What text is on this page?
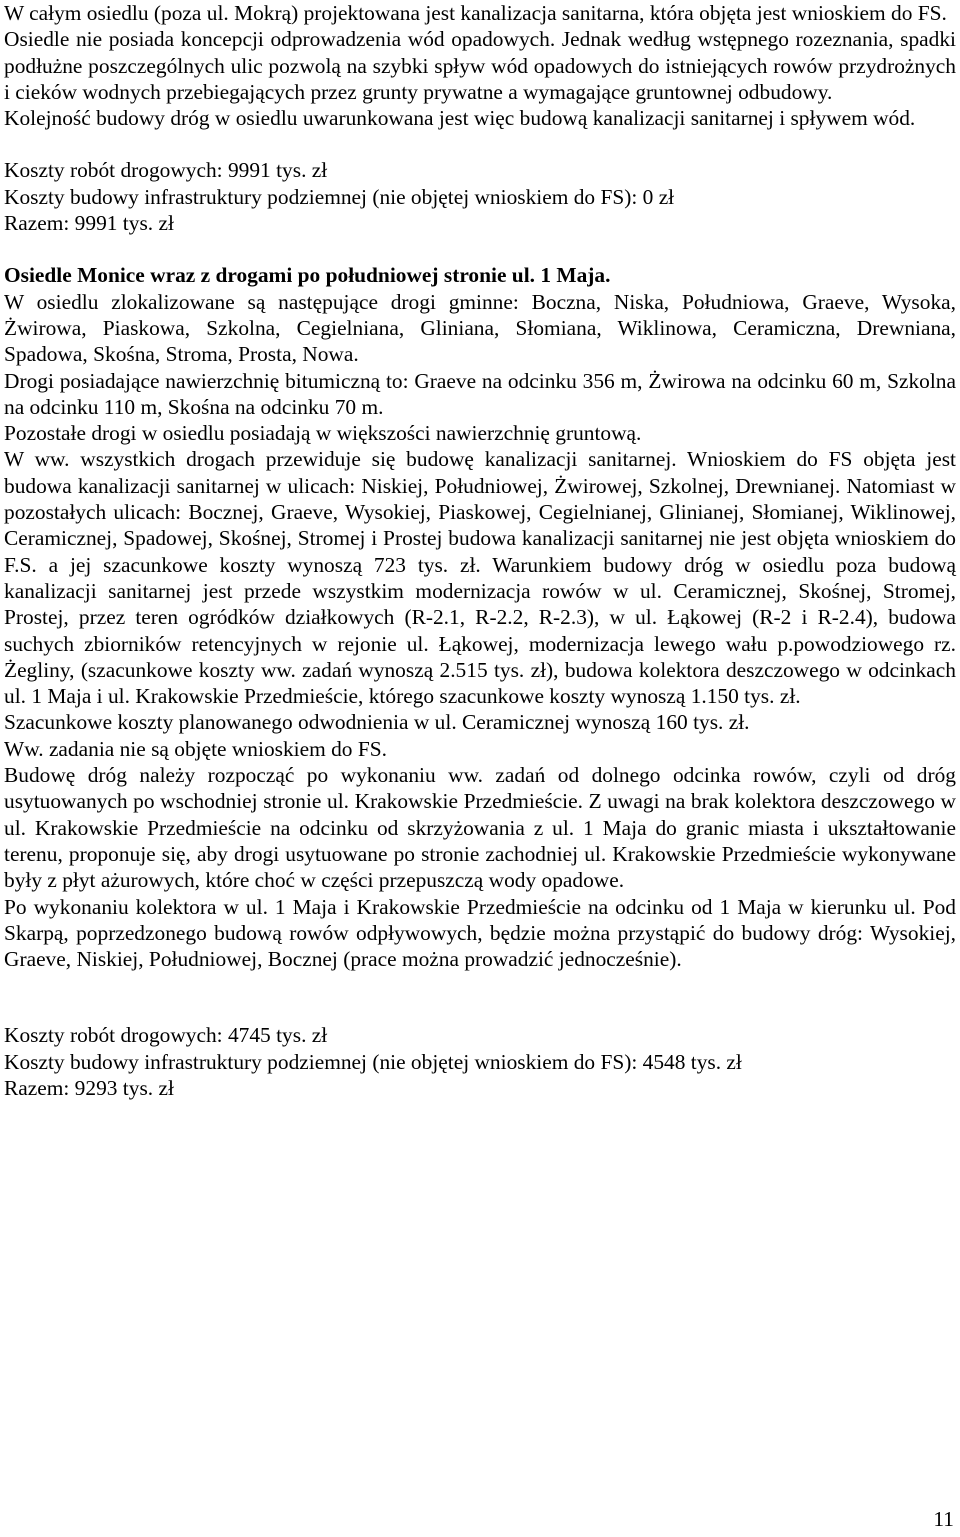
W całym osiedlu (poza ul. Mokrą) projektowana jest kanalizacja sanitarna, która objęta jest wnioskiem do FS.

Osiedle nie posiada koncepcji odprowadzenia wód opadowych. Jednak według wstępnego rozeznania, spadki podłużne poszczególnych ulic pozwolą na szybki spływ wód opadowych do istniejących rowów przydrożnych i cieków wodnych przebiegających przez grunty prywatne a wymagające gruntownej odbudowy.

Kolejność budowy dróg w osiedlu uwarunkowana jest więc budową kanalizacji sanitarnej i spływem wód.

Koszty robót drogowych: 9991 tys. zł

Koszty budowy infrastruktury podziemnej (nie objętej wnioskiem do FS): 0 zł

Razem: 9991 tys. zł

Osiedle Monice wraz z drogami po południowej stronie ul. 1 Maja.

W osiedlu zlokalizowane są następujące drogi gminne: Boczna, Niska, Południowa, Graeve, Wysoka, Żwirowa, Piaskowa, Szkolna, Cegielniana, Gliniana, Słomiana, Wiklinowa, Ceramiczna, Drewniana, Spadowa, Skośna, Stroma, Prosta, Nowa.

Drogi posiadające nawierzchnię bitumiczną to: Graeve na odcinku 356 m, Żwirowa na odcinku 60 m, Szkolna na odcinku 110 m, Skośna na odcinku 70 m.

Pozostałe drogi w osiedlu posiadają w większości nawierzchnię gruntową.

W ww. wszystkich drogach przewiduje się budowę kanalizacji sanitarnej. Wnioskiem do FS objęta jest budowa kanalizacji sanitarnej w ulicach: Niskiej, Południowej, Żwirowej, Szkolnej, Drewnianej. Natomiast w pozostałych ulicach: Bocznej, Graeve, Wysokiej, Piaskowej, Cegielnianej, Glinianej, Słomianej, Wiklinowej, Ceramicznej, Spadowej, Skośnej, Stromej i Prostej budowa kanalizacji sanitarnej nie jest objęta wnioskiem do F.S. a jej szacunkowe koszty wynoszą 723 tys. zł. Warunkiem budowy dróg w osiedlu poza budową kanalizacji sanitarnej jest przede wszystkim modernizacja rowów w ul. Ceramicznej, Skośnej, Stromej, Prostej, przez teren ogródków działkowych (R-2.1, R-2.2, R-2.3), w ul. Łąkowej (R-2 i R-2.4), budowa suchych zbiorników retencyjnych w rejonie ul. Łąkowej, modernizacja lewego wału p.powodziowego rz. Żegliny, (szacunkowe koszty ww. zadań wynoszą 2.515 tys. zł), budowa kolektora deszczowego w odcinkach ul. 1 Maja i ul. Krakowskie Przedmieście, którego szacunkowe koszty wynoszą 1.150 tys. zł.

Szacunkowe koszty planowanego odwodnienia w ul. Ceramicznej wynoszą 160 tys. zł.

Ww. zadania nie są objęte wnioskiem do FS.

Budowę dróg należy rozpocząć po wykonaniu ww. zadań od dolnego odcinka rowów, czyli od dróg usytuowanych po wschodniej stronie ul. Krakowskie Przedmieście. Z uwagi na brak kolektora deszczowego w ul. Krakowskie Przedmieście na odcinku od skrzyżowania z ul. 1 Maja do granic miasta i ukształtowanie terenu, proponuje się, aby drogi usytuowane po stronie zachodniej ul. Krakowskie Przedmieście wykonywane były z płyt ażurowych, które choć w części przepuszczą wody opadowe.

Po wykonaniu kolektora w ul. 1 Maja i Krakowskie Przedmieście na odcinku od 1 Maja w kierunku ul. Pod Skarpą, poprzedzonego budową rowów odpływowych, będzie można przystąpić do budowy dróg: Wysokiej, Graeve, Niskiej, Południowej, Bocznej (prace można prowadzić jednocześnie).

Koszty robót drogowych: 4745 tys. zł

Koszty budowy infrastruktury podziemnej (nie objętej wnioskiem do FS): 4548 tys. zł

Razem: 9293 tys. zł

11
